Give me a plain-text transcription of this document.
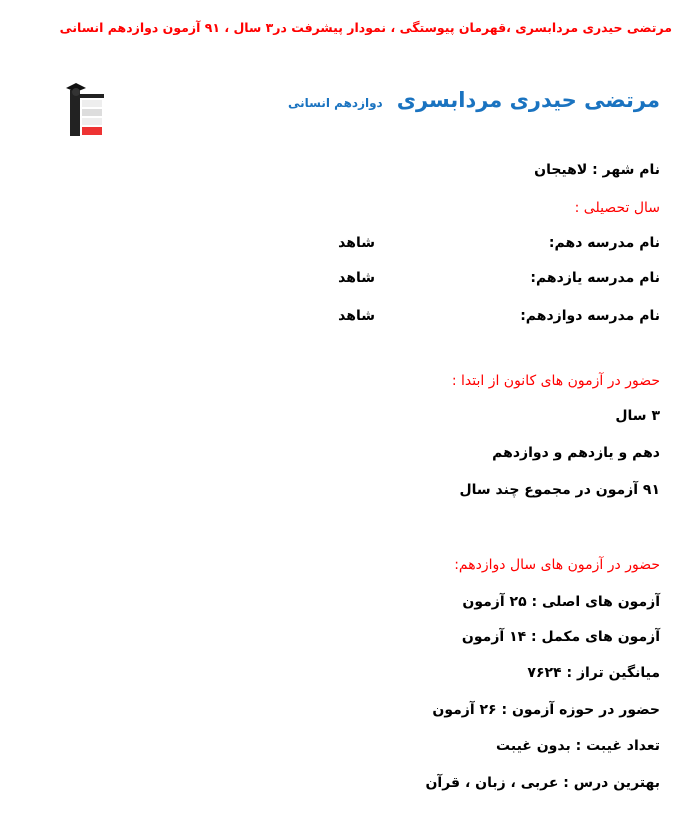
مرتضی حیدری مردابسری ،قهرمان پیوستگی ، نمودار پیشرفت در۳ سال ، ۹۱ آزمون دوازدهم انسانی
مرتضی حیدری مردابسری
دوازدهم انسانی
نام شهر : لاهیجان
سال تحصیلی :
نام مدرسه دهم:
شاهد
نام مدرسه یازدهم:
شاهد
نام مدرسه دوازدهم:
شاهد
حضور در آزمون های کانون از ابتدا :
۳ سال
دهم و یازدهم و دوازدهم
۹۱ آزمون در مجموع چند سال
حضور در آزمون های سال دوازدهم:
آزمون های اصلی : ۲۵ آزمون
آزمون های مکمل : ۱۴ آزمون
میانگین تراز : ۷۶۲۴
حضور در حوزه آزمون : ۲۶ آزمون
تعداد غیبت : بدون غیبت
بهترین درس : عربی ، زبان ، قرآن
